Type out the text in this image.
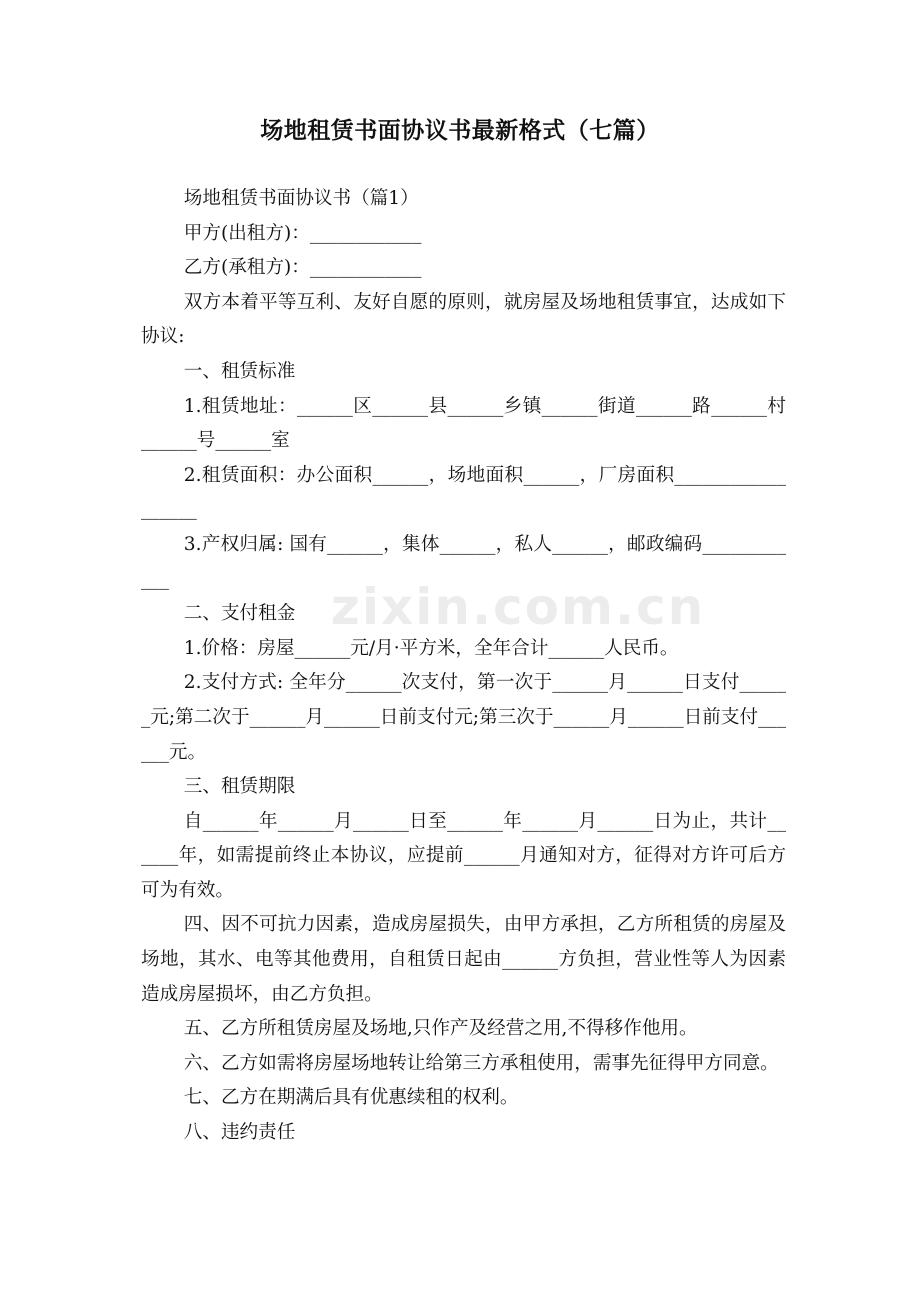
场地租赁书面协议书最新格式（七篇）

场地租赁书面协议书（篇1）

甲方(出租方)：____________

乙方(承租方)：____________

双方本着平等互利、友好自愿的原则，就房屋及场地租赁事宜，达成如下协议:

一、租赁标准

1.租赁地址：______区______县______乡镇______街道______路______村______号______室

2.租赁面积：办公面积______，场地面积______，厂房面积__________________

3.产权归属: 国有______，集体______，私人______，邮政编码____________

二、支付租金

1.价格：房屋______元/月·平方米，全年合计______人民币。

2.支付方式: 全年分______次支付，第一次于______月______日支付______元;第二次于______月______日前支付元;第三次于______月______日前支付______元。

三、租赁期限

自______年______月______日至______年______月______日为止，共计______年，如需提前终止本协议，应提前______月通知对方，征得对方许可后方可为有效。

四、因不可抗力因素，造成房屋损失，由甲方承担，乙方所租赁的房屋及场地，其水、电等其他费用，自租赁日起由______方负担，营业性等人为因素造成房屋损坏，由乙方负担。

五、乙方所租赁房屋及场地,只作产及经营之用,不得移作他用。

六、乙方如需将房屋场地转让给第三方承租使用，需事先征得甲方同意。

七、乙方在期满后具有优惠续租的权利。

八、违约责任

zixin.com.cn
